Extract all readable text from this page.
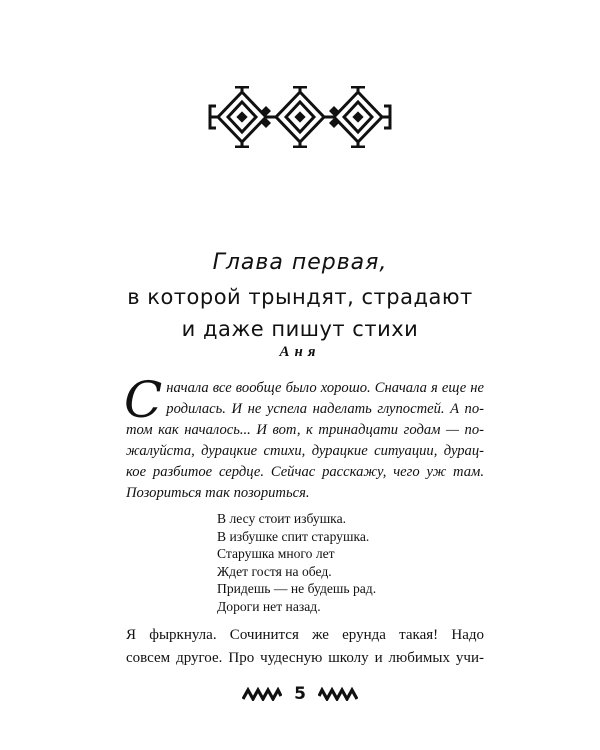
Глава первая,
в которой трындят, страдают
и даже пишут стихи
Аня
С начала все вообще было хорошо. Сначала я еще не
родилась. И не успела наделать глупостей. А по-
том как началось... И вот, к тринадцати годам — по-
жалуйста, дурацкие стихи, дурацкие ситуации, дурац-
кое разбитое сердце. Сейчас расскажу, чего уж там.
Позориться так позориться.
В лесу стоит избушка.
В избушке спит старушка.
Старушка много лет
Ждет гостя на обед.
Придешь — не будешь рад.
Дороги нет назад.
Я фыркнула. Сочинится же ерунда такая! Надо
совсем другое. Про чудесную школу и любимых учи-
5
